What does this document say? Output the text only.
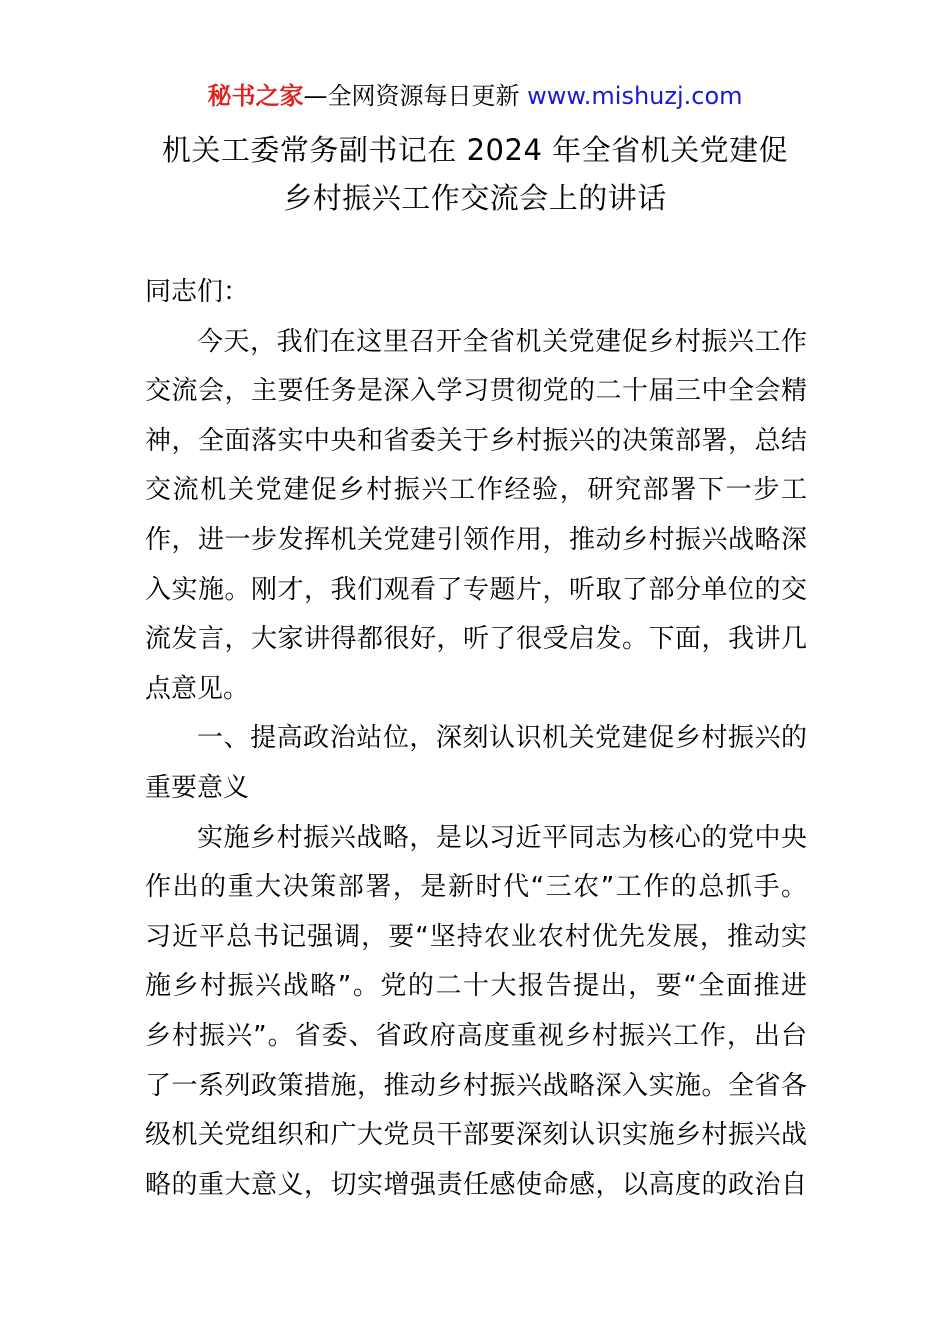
秘书之家—全网资源每日更新 www.mishuzj.com
机关工委常务副书记在 2024 年全省机关党建促
乡村振兴工作交流会上的讲话
同志们：
今天，我们在这里召开全省机关党建促乡村振兴工作
交流会，主要任务是深入学习贯彻党的二十届三中全会精
神，全面落实中央和省委关于乡村振兴的决策部署，总结
交流机关党建促乡村振兴工作经验，研究部署下一步工
作，进一步发挥机关党建引领作用，推动乡村振兴战略深
入实施。刚才，我们观看了专题片，听取了部分单位的交
流发言，大家讲得都很好，听了很受启发。下面，我讲几
点意见。
一、提高政治站位，深刻认识机关党建促乡村振兴的
重要意义
实施乡村振兴战略，是以习近平同志为核心的党中央
作出的重大决策部署，是新时代“三农”工作的总抓手。
习近平总书记强调，要“坚持农业农村优先发展，推动实
施乡村振兴战略”。党的二十大报告提出，要“全面推进
乡村振兴”。省委、省政府高度重视乡村振兴工作，出台
了一系列政策措施，推动乡村振兴战略深入实施。全省各
级机关党组织和广大党员干部要深刻认识实施乡村振兴战
略的重大意义，切实增强责任感使命感，以高度的政治自
